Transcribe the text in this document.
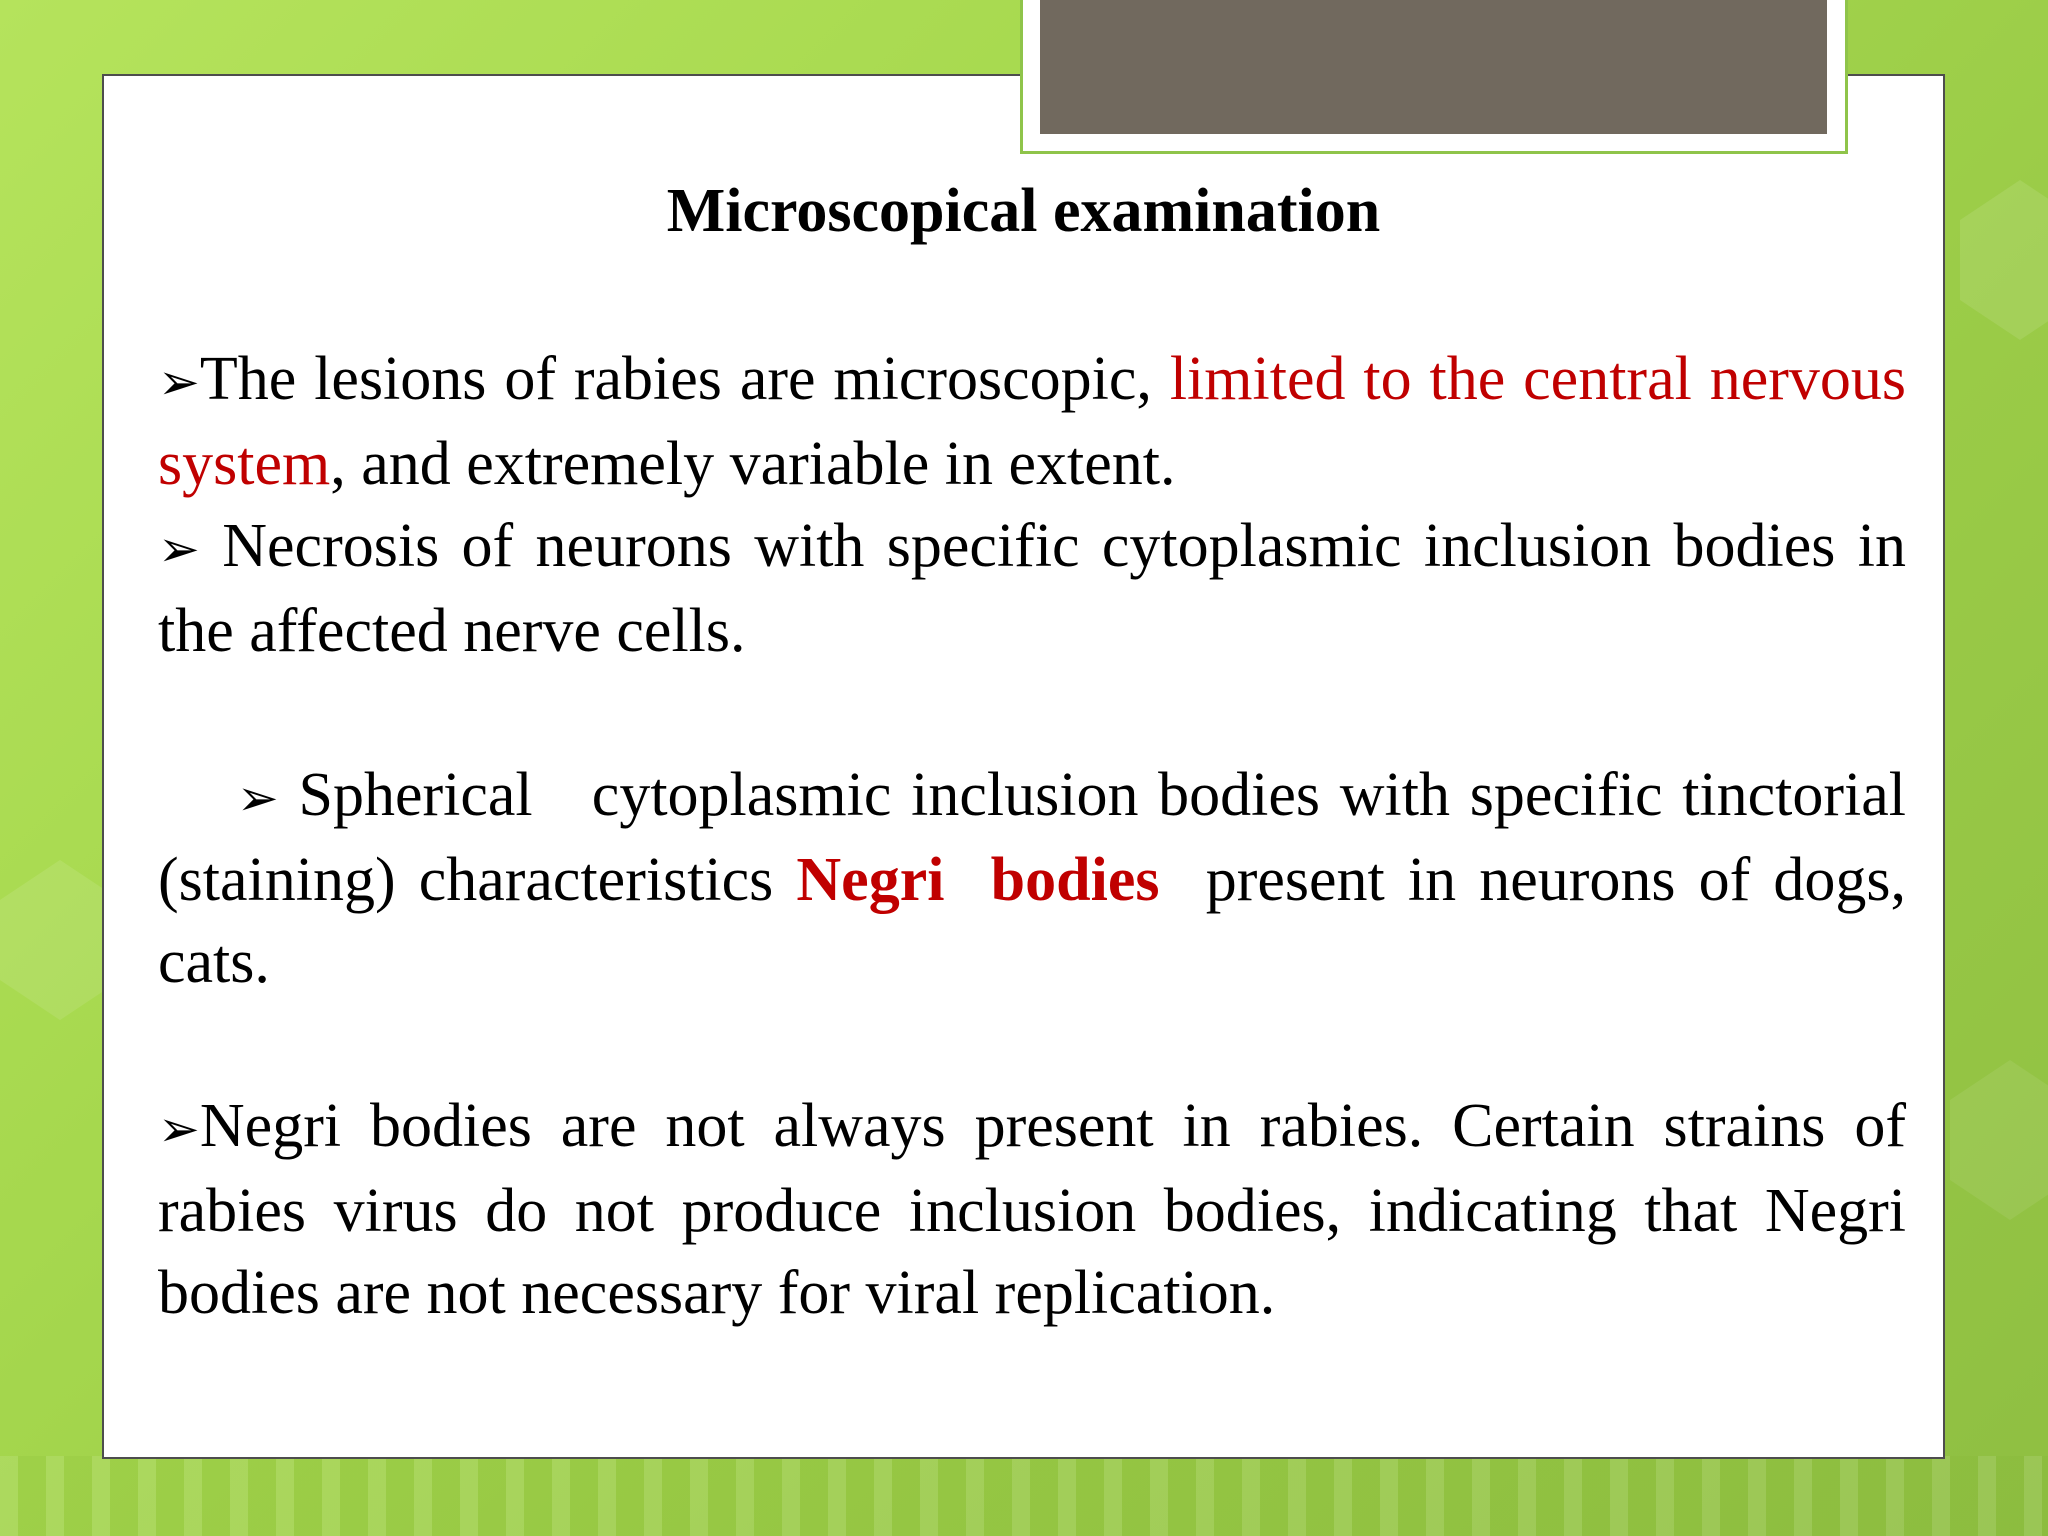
Microscopical examination

➢The lesions of rabies are microscopic, limited to the central nervous system, and extremely variable in extent.

➢ Necrosis of neurons with specific cytoplasmic inclusion bodies in the affected nerve cells.

➢ Spherical   cytoplasmic inclusion bodies with specific tinctorial  (staining) characteristics Negri  bodies  present in neurons of dogs, cats.

➢Negri bodies are not always present in rabies. Certain strains of rabies virus do not produce inclusion bodies, indicating that Negri bodies are not necessary for viral replication.
